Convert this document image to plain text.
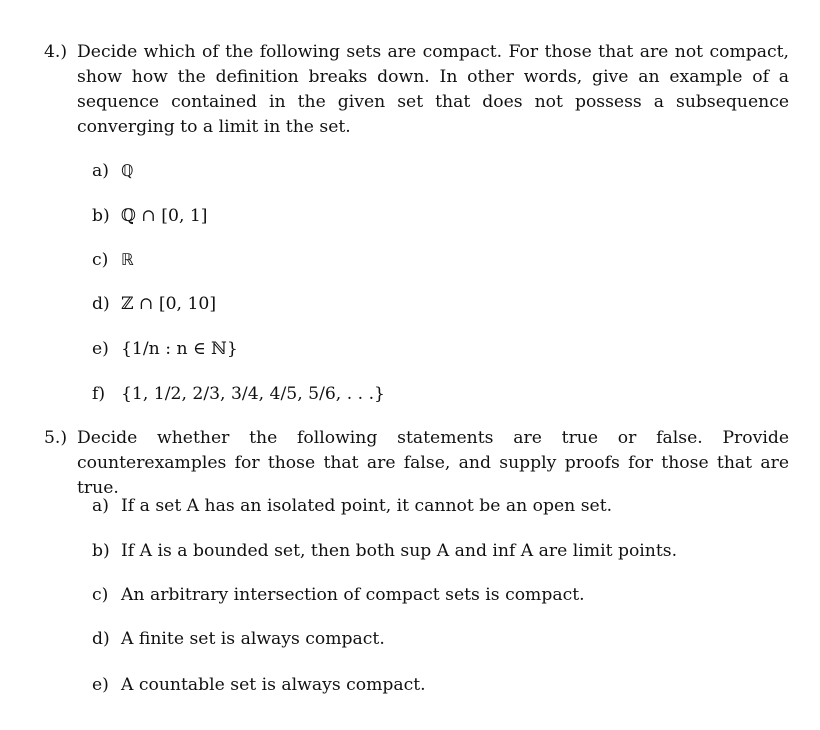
4.) Decide which of the following sets are compact. For those that are not compact, show how the definition breaks down. In other words, give an example of a sequence contained in the given set that does not possess a subsequence converging to a limit in the set.
a) ℚ
b) ℚ ∩ [0, 1]
c) ℝ
d) ℤ ∩ [0, 10]
e) {1/n : n ∈ ℕ}
f) {1, 1/2, 2/3, 3/4, 4/5, 5/6, . . .}
5.) Decide whether the following statements are true or false. Provide counterexamples for those that are false, and supply proofs for those that are true.
a) If a set A has an isolated point, it cannot be an open set.
b) If A is a bounded set, then both sup A and inf A are limit points.
c) An arbitrary intersection of compact sets is compact.
d) A finite set is always compact.
e) A countable set is always compact.
